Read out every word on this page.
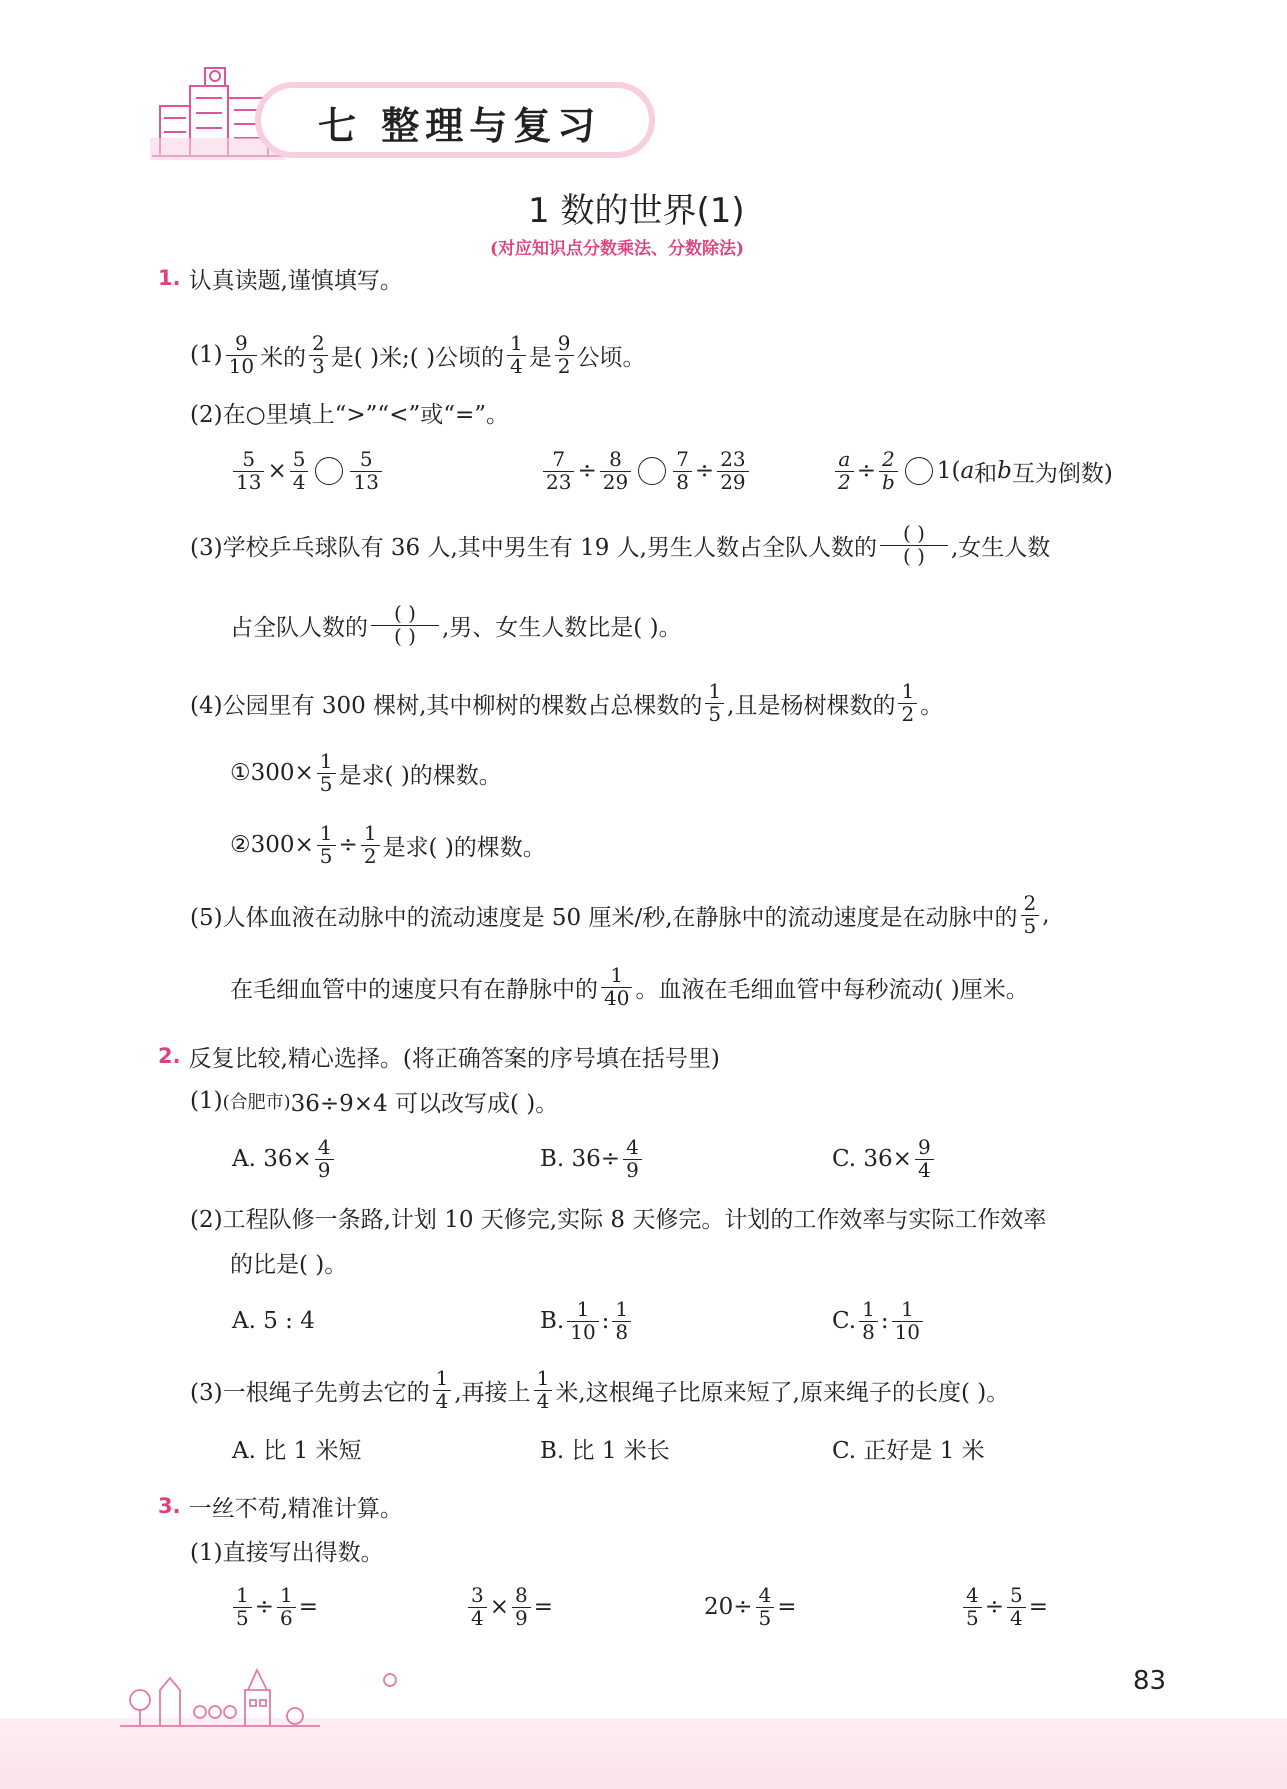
七 整理与复习
1 数的世界(1)
(对应知识点分数乘法、分数除法)
1. 认真读题,谨慎填写。
$(1) \frac{9}{10}$ 米的 $\frac{2}{3}$ 是( )米;( )公顷的 $\frac{1}{4}$ 是 $\frac{9}{2}$ 公顷。
(2)在○里填上“>”“<”或“=”。
$\frac{5}{13} \times \frac{5}{4} \frac{5}{13}$	$\frac{7}{23} \div \frac{8}{29} \frac{7}{8} \div \frac{23}{29}$	$\frac{a}{2} \div \frac{2}{b} 1$( a 和 b 互为倒数)
(3)学校乒乓球队有 36 人,其中男生有 19 人,男生人数占全队人数的 $\frac{( )}{( )}$ ,女生人数
占全队人数的 $\frac{( )}{( )}$ ,男、女生人数比是( )。
(4)公园里有 300 棵树,其中柳树的棵数占总棵数的 $\frac{1}{5}$ ,且是杨树棵数的 $\frac{1}{2}$ 。
①300× $\frac{1}{5}$ 是求( )的棵数。
②300× $\frac{1}{5} \div \frac{1}{2}$ 是求( )的棵数。
(5)人体血液在动脉中的流动速度是 50 厘米/秒,在静脉中的流动速度是在动脉中的 $\frac{2}{5}$ ,
在毛细血管中的速度只有在静脉中的 $\frac{1}{40}$ 。血液在毛细血管中每秒流动( )厘米。
2. 反复比较,精心选择。(将正确答案的序号填在括号里)
(1) (合肥市) 36÷9×4 可以改写成( )。
A. $36\times \frac{4}{9}$	B. $36\div \frac{4}{9}$	C. $36\times \frac{9}{4}$
(2)工程队修一条路,计划 10 天修完,实际 8 天修完。计划的工作效率与实际工作效率
的比是( )。
A. 5 : 4	B. $\frac{1}{10}$ : $\frac{1}{8}$	C. $\frac{1}{8}$ : $\frac{1}{10}$
(3)一根绳子先剪去它的 $\frac{1}{4}$ ,再接上 $\frac{1}{4}$ 米,这根绳子比原来短了,原来绳子的长度( )。
A. 比 1 米短	B. 比 1 米长	C. 正好是 1 米
3. 一丝不苟,精准计算。
(1)直接写出得数。
$\frac{1}{5} \div \frac{1}{6}$ =	$\frac{3}{4} \times \frac{8}{9}$ =	$20\div \frac{4}{5}$ =	$\frac{4}{5} \div \frac{5}{4}$ =
83
